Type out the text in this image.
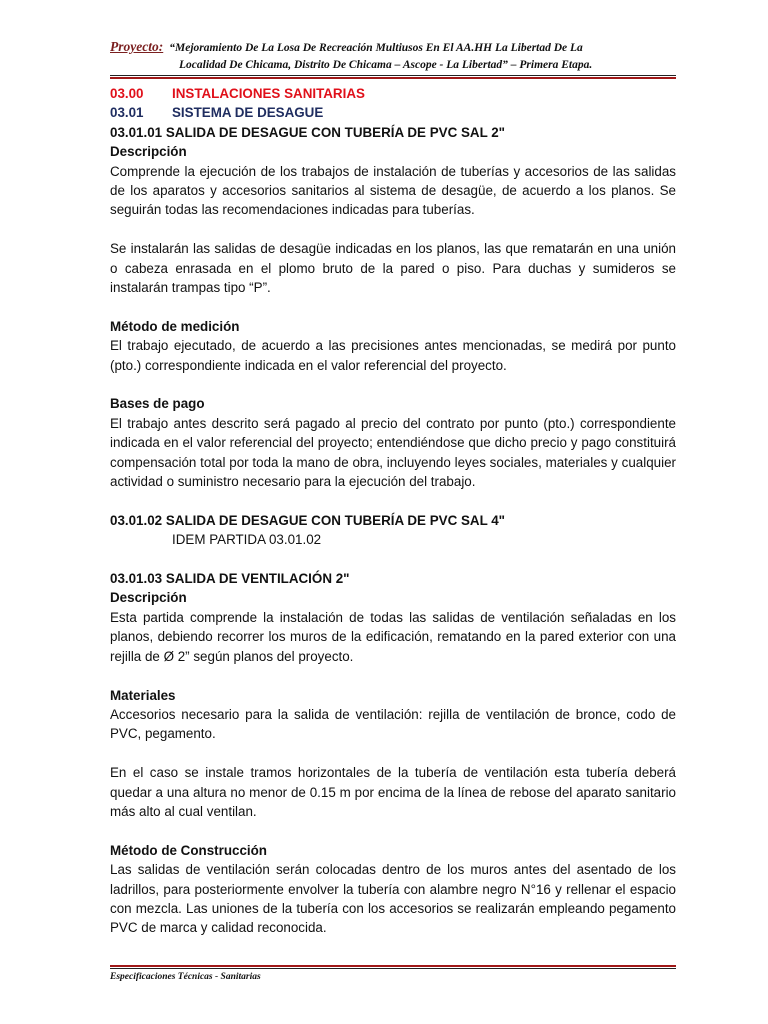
Proyecto: “Mejoramiento De La Losa De Recreación Multiusos En El AA.HH La Libertad De La
Localidad De Chicama, Distrito De Chicama – Ascope - La Libertad” – Primera Etapa.

03.00 INSTALACIONES SANITARIAS

03.01 SISTEMA DE DESAGUE

03.01.01 SALIDA DE DESAGUE CON TUBERÍA DE PVC SAL 2"

Descripción

Comprende la ejecución de los trabajos de instalación de tuberías y accesorios de las salidas de los aparatos y accesorios sanitarios al sistema de desagüe, de acuerdo a los planos. Se seguirán todas las recomendaciones indicadas para tuberías.

Se instalarán las salidas de desagüe indicadas en los planos, las que rematarán en una unión o cabeza enrasada en el plomo bruto de la pared o piso. Para duchas y sumideros se instalarán trampas tipo “P”.

Método de medición

El trabajo ejecutado, de acuerdo a las precisiones antes mencionadas, se medirá por punto (pto.) correspondiente indicada en el valor referencial del proyecto.

Bases de pago

El trabajo antes descrito será pagado al precio del contrato por punto (pto.) correspondiente indicada en el valor referencial del proyecto; entendiéndose que dicho precio y pago constituirá compensación total por toda la mano de obra, incluyendo leyes sociales, materiales y cualquier actividad o suministro necesario para la ejecución del trabajo.

03.01.02 SALIDA DE DESAGUE CON TUBERÍA DE PVC SAL 4"

IDEM PARTIDA 03.01.02

03.01.03 SALIDA DE VENTILACIÓN 2"

Descripción

Esta partida comprende la instalación de todas las salidas de ventilación señaladas en los planos, debiendo recorrer los muros de la edificación, rematando en la pared exterior con una rejilla de Ø 2” según planos del proyecto.

Materiales

Accesorios necesario para la salida de ventilación: rejilla de ventilación de bronce, codo de PVC, pegamento.

En el caso se instale tramos horizontales de la tubería de ventilación esta tubería deberá quedar a una altura no menor de 0.15 m por encima de la línea de rebose del aparato sanitario más alto al cual ventilan.

Método de Construcción

Las salidas de ventilación serán colocadas dentro de los muros antes del asentado de los ladrillos, para posteriormente envolver la tubería con alambre negro N°16 y rellenar el espacio con mezcla. Las uniones de la tubería con los accesorios se realizarán empleando pegamento PVC de marca y calidad reconocida.

Especificaciones Técnicas - Sanitarias
